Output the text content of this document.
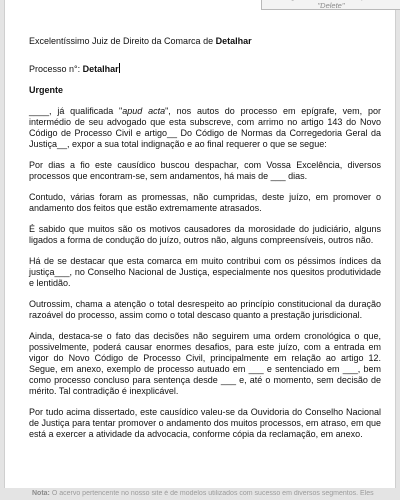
"Delete"
Excelentíssimo Juiz de Direito da Comarca de Detalhar
Processo n°: Detalhar
Urgente
____, já qualificada "apud acta", nos autos do processo em epígrafe, vem, por intermédio de seu advogado que esta subscreve, com arrimo no artigo 143 do Novo Código de Processo Civil e artigo__ Do Código de Normas da Corregedoria Geral da Justiça__, expor a sua total indignação e ao final requerer o que se segue:
Por dias a fio este causídico buscou despachar, com Vossa Excelência, diversos processos que encontram-se, sem andamentos, há mais de ___ dias.
Contudo, várias foram as promessas, não cumpridas, deste juízo, em promover o andamento dos feitos que estão extremamente atrasados.
É sabido que muitos são os motivos causadores da morosidade do judiciário, alguns ligados a forma de condução do juízo, outros não, alguns compreensíveis, outros não.
Há de se destacar que esta comarca em muito contribui com os péssimos índices da justiça___, no Conselho Nacional de Justiça, especialmente nos quesitos produtividade e lentidão.
Outrossim, chama a atenção o total desrespeito ao princípio constitucional da duração razoável do processo, assim como o total descaso quanto a prestação jurisdicional.
Ainda, destaca-se o fato das decisões não seguirem uma ordem cronológica o que, possivelmente, poderá causar enormes desafios, para este juízo, com a entrada em vigor do Novo Código de Processo Civil, principalmente em relação ao artigo 12. Segue, em anexo, exemplo de processo autuado em ___ e sentenciado em ___, bem como processo concluso para sentença desde ___ e, até o momento, sem decisão de mérito. Tal contradição é inexplicável.
Por tudo acima dissertado, este causídico valeu-se da Ouvidoria do Conselho Nacional de Justiça para tentar promover o andamento dos muitos processos, em atraso, em que está a exercer a atividade da advocacia, conforme cópia da reclamação, em anexo.
Nota: O acervo pertencente no nosso site é de modelos utilizados com sucesso em diversos segmentos. Eles
